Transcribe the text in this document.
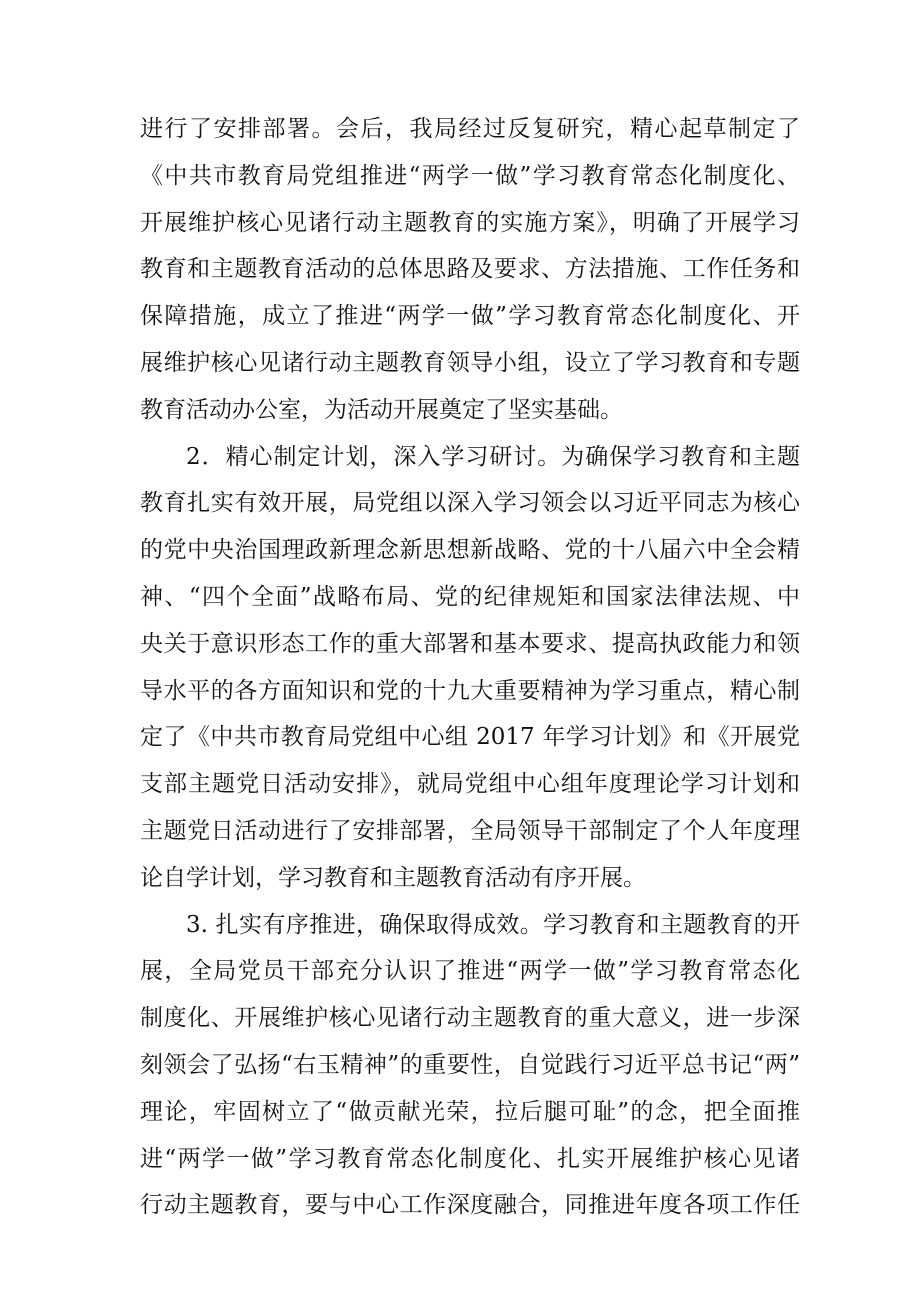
进行了安排部署。会后，我局经过反复研究，精心起草制定了
《中共市教育局党组推进“两学一做”学习教育常态化制度化、
开展维护核心见诸行动主题教育的实施方案》，明确了开展学习
教育和主题教育活动的总体思路及要求、方法措施、工作任务和
保障措施，成立了推进“两学一做”学习教育常态化制度化、开
展维护核心见诸行动主题教育领导小组，设立了学习教育和专题
教育活动办公室，为活动开展奠定了坚实基础。
2．精心制定计划，深入学习研讨。为确保学习教育和主题
教育扎实有效开展，局党组以深入学习领会以习近平同志为核心
的党中央治国理政新理念新思想新战略、党的十八届六中全会精
神、“四个全面”战略布局、党的纪律规矩和国家法律法规、中
央关于意识形态工作的重大部署和基本要求、提高执政能力和领
导水平的各方面知识和党的十九大重要精神为学习重点，精心制
定了《中共市教育局党组中心组 2017 年学习计划》和《开展党
支部主题党日活动安排》，就局党组中心组年度理论学习计划和
主题党日活动进行了安排部署，全局领导干部制定了个人年度理
论自学计划，学习教育和主题教育活动有序开展。
3. 扎实有序推进，确保取得成效。学习教育和主题教育的开
展，全局党员干部充分认识了推进“两学一做”学习教育常态化
制度化、开展维护核心见诸行动主题教育的重大意义，进一步深
刻领会了弘扬“右玉精神”的重要性，自觉践行习近平总书记“两”
理论，牢固树立了“做贡献光荣，拉后腿可耻”的念，把全面推
进“两学一做”学习教育常态化制度化、扎实开展维护核心见诸
行动主题教育，要与中心工作深度融合，同推进年度各项工作任
